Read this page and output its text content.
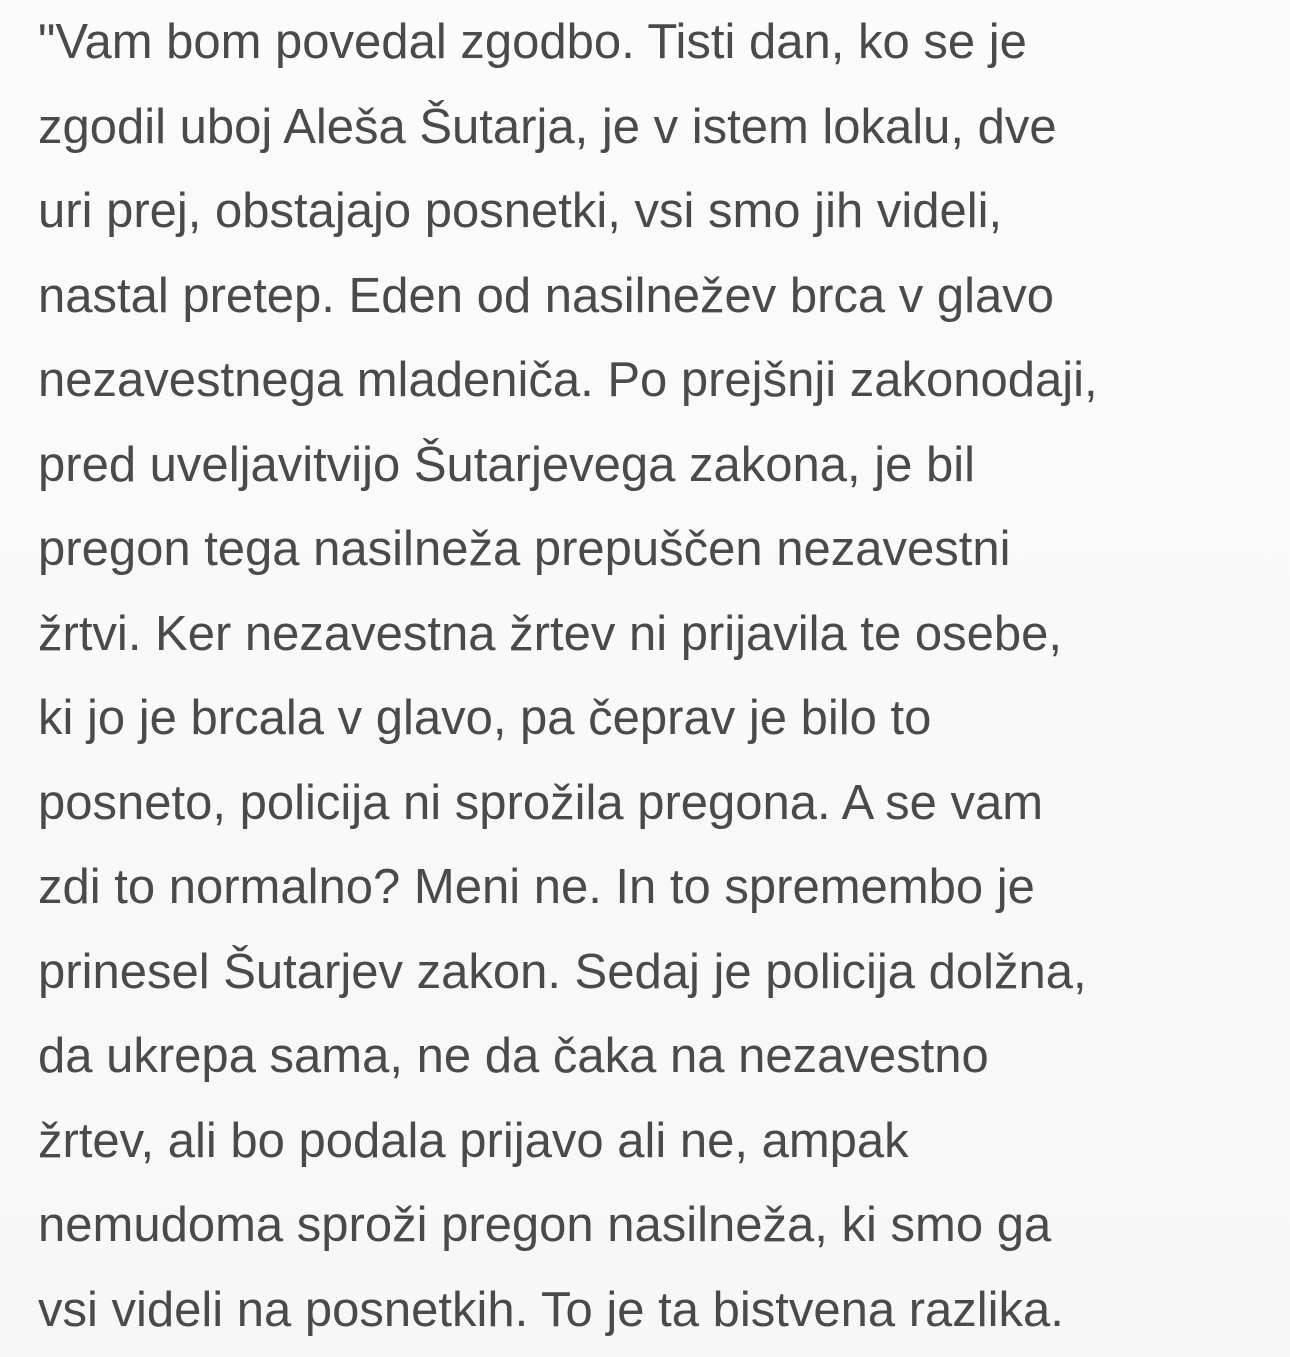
"Vam bom povedal zgodbo. Tisti dan, ko se je
zgodil uboj Aleša Šutarja, je v istem lokalu, dve
uri prej, obstajajo posnetki, vsi smo jih videli,
nastal pretep. Eden od nasilnežev brca v glavo
nezavestnega mladeniča. Po prejšnji zakonodaji,
pred uveljavitvijo Šutarjevega zakona, je bil
pregon tega nasilneža prepuščen nezavestni
žrtvi. Ker nezavestna žrtev ni prijavila te osebe,
ki jo je brcala v glavo, pa čeprav je bilo to
posneto, policija ni sprožila pregona. A se vam
zdi to normalno? Meni ne. In to spremembo je
prinesel Šutarjev zakon. Sedaj je policija dolžna,
da ukrepa sama, ne da čaka na nezavestno
žrtev, ali bo podala prijavo ali ne, ampak
nemudoma sproži pregon nasilneža, ki smo ga
vsi videli na posnetkih. To je ta bistvena razlika.
